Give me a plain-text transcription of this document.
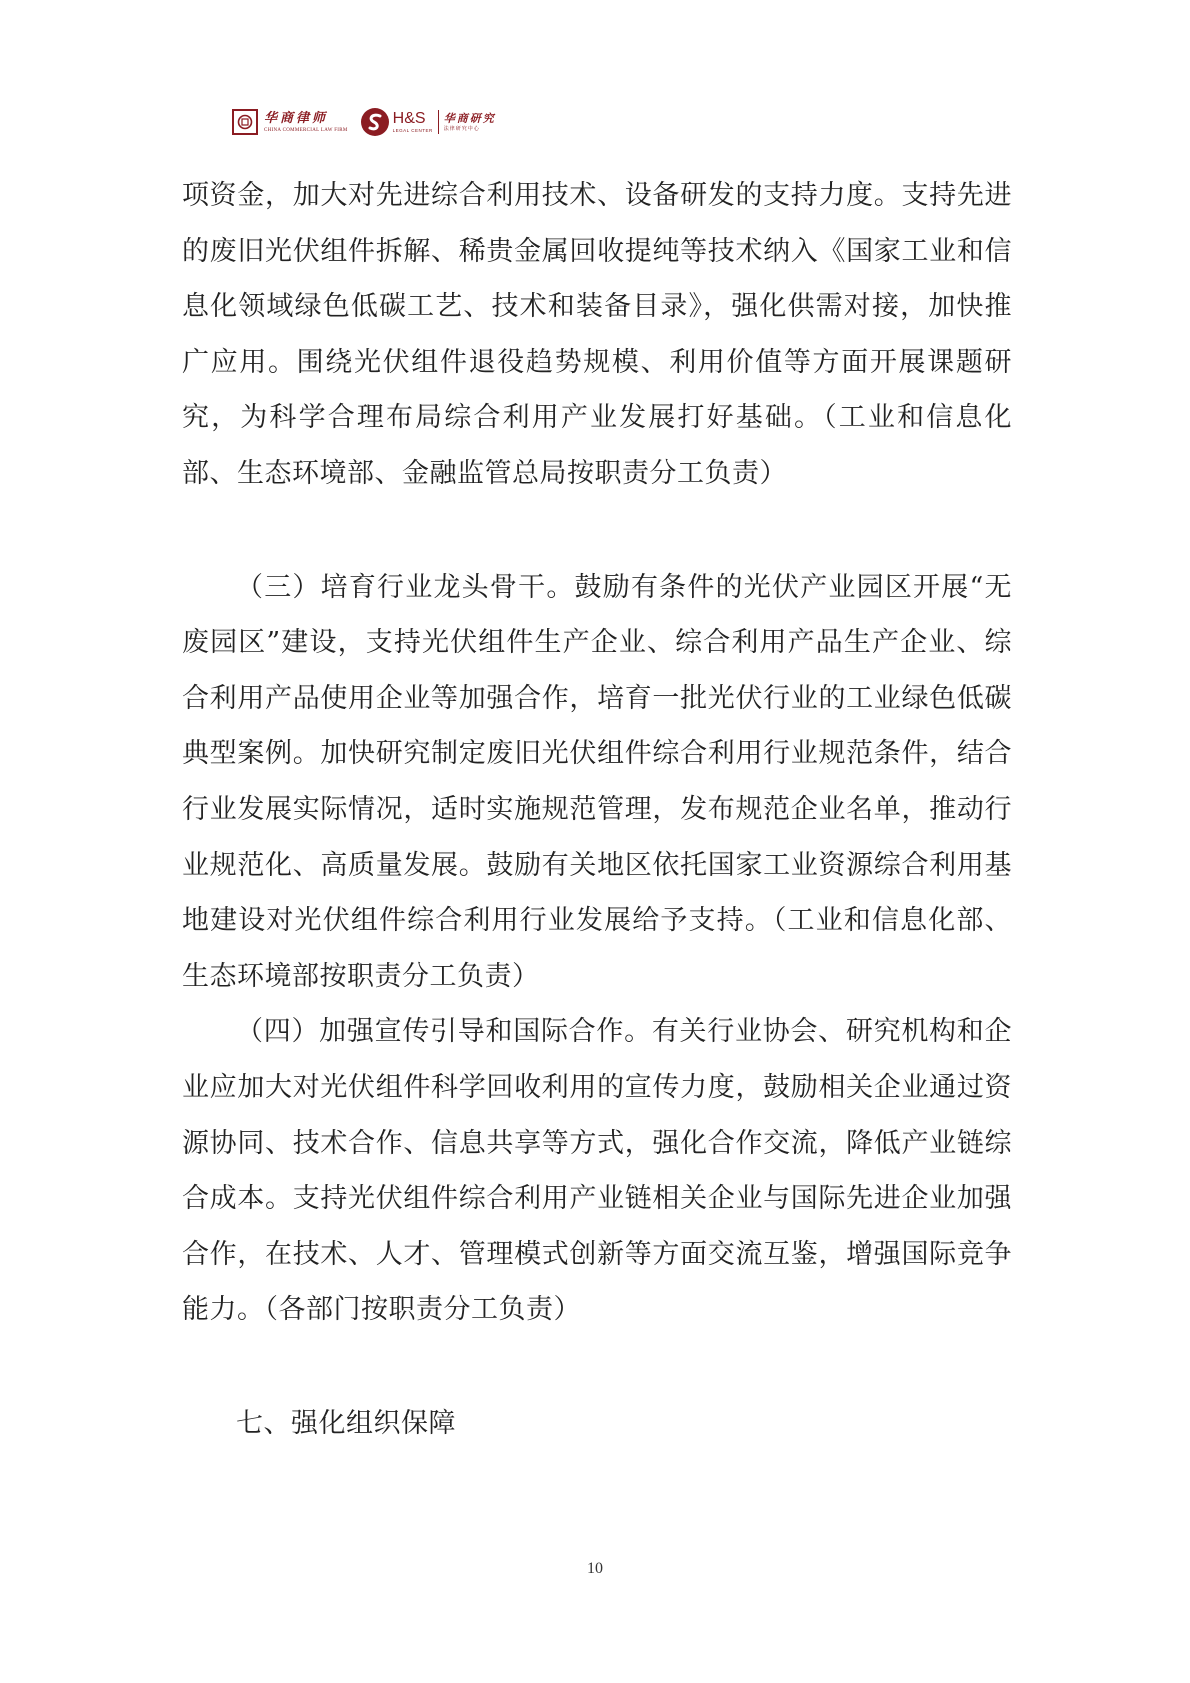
华商律师
CHINA COMMERCIAL LAW FIRM
H&S
LEGAL CENTER
华商研究
法律研究中心

项资金，加大对先进综合利用技术、设备研发的支持力度。支持先进的废旧光伏组件拆解、稀贵金属回收提纯等技术纳入《国家工业和信息化领域绿色低碳工艺、技术和装备目录》，强化供需对接，加快推广应用。围绕光伏组件退役趋势规模、利用价值等方面开展课题研究，为科学合理布局综合利用产业发展打好基础。（工业和信息化部、生态环境部、金融监管总局按职责分工负责）

（三）培育行业龙头骨干。鼓励有条件的光伏产业园区开展“无废园区”建设，支持光伏组件生产企业、综合利用产品生产企业、综合利用产品使用企业等加强合作，培育一批光伏行业的工业绿色低碳典型案例。加快研究制定废旧光伏组件综合利用行业规范条件，结合行业发展实际情况，适时实施规范管理，发布规范企业名单，推动行业规范化、高质量发展。鼓励有关地区依托国家工业资源综合利用基地建设对光伏组件综合利用行业发展给予支持。（工业和信息化部、生态环境部按职责分工负责）

（四）加强宣传引导和国际合作。有关行业协会、研究机构和企业应加大对光伏组件科学回收利用的宣传力度，鼓励相关企业通过资源协同、技术合作、信息共享等方式，强化合作交流，降低产业链综合成本。支持光伏组件综合利用产业链相关企业与国际先进企业加强合作，在技术、人才、管理模式创新等方面交流互鉴，增强国际竞争能力。（各部门按职责分工负责）

七、强化组织保障

10
